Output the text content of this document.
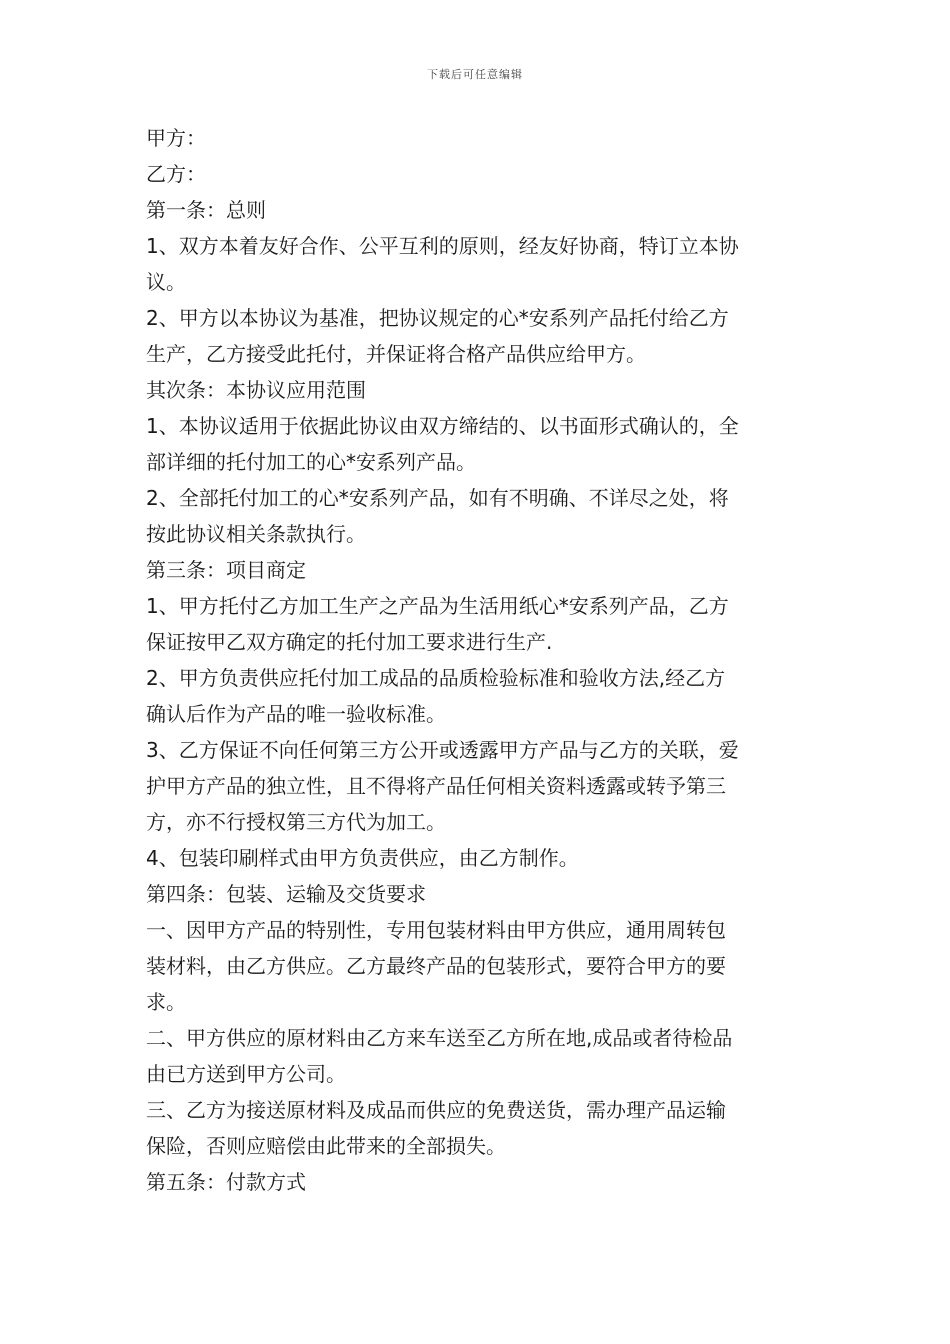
下载后可任意编辑
甲方：
乙方：
第一条：总则
1、双方本着友好合作、公平互利的原则，经友好协商，特订立本协
议。
2、甲方以本协议为基准，把协议规定的心*安系列产品托付给乙方
生产，乙方接受此托付，并保证将合格产品供应给甲方。
其次条：本协议应用范围
1、本协议适用于依据此协议由双方缔结的、以书面形式确认的，全
部详细的托付加工的心*安系列产品。
2、全部托付加工的心*安系列产品，如有不明确、不详尽之处，将
按此协议相关条款执行。
第三条：项目商定
1、甲方托付乙方加工生产之产品为生活用纸心*安系列产品，乙方
保证按甲乙双方确定的托付加工要求进行生产.
2、甲方负责供应托付加工成品的品质检验标准和验收方法,经乙方
确认后作为产品的唯一验收标准。
3、乙方保证不向任何第三方公开或透露甲方产品与乙方的关联，爱
护甲方产品的独立性，且不得将产品任何相关资料透露或转予第三
方，亦不行授权第三方代为加工。
4、包装印刷样式由甲方负责供应，由乙方制作。
第四条：包装、运输及交货要求
一、因甲方产品的特别性，专用包装材料由甲方供应，通用周转包
装材料，由乙方供应。乙方最终产品的包装形式，要符合甲方的要
求。
二、甲方供应的原材料由乙方来车送至乙方所在地,成品或者待检品
由已方送到甲方公司。
三、乙方为接送原材料及成品而供应的免费送货，需办理产品运输
保险，否则应赔偿由此带来的全部损失。
第五条：付款方式
